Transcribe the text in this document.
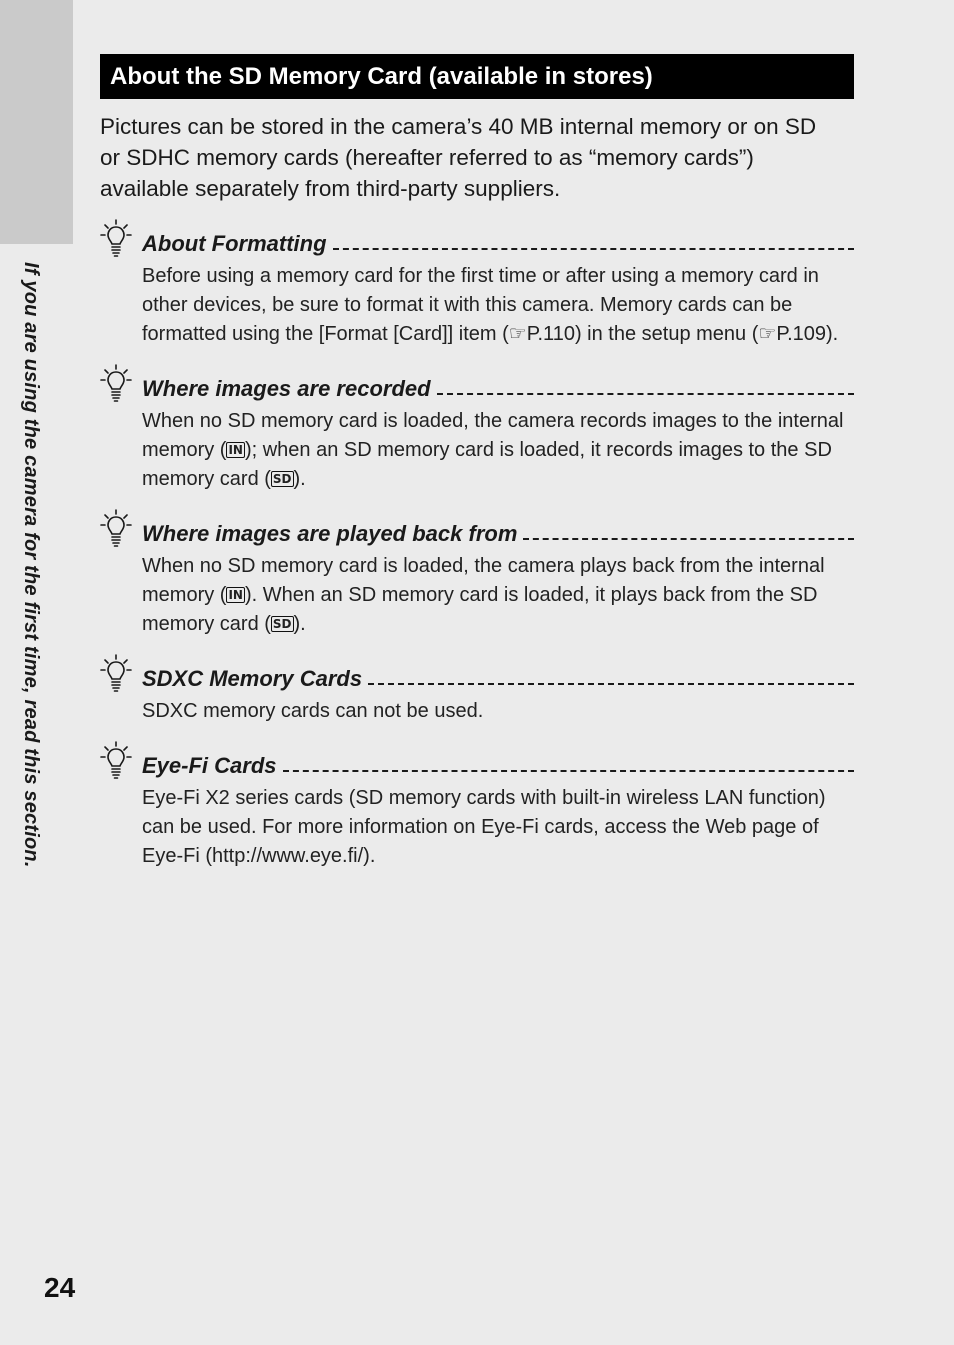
If you are using the camera for the first time, read this section.
About the SD Memory Card (available in stores)

Pictures can be stored in the camera’s 40 MB internal memory or on SD or SDHC memory cards (hereafter referred to as “memory cards”) available separately from third-party suppliers.

About Formatting
Before using a memory card for the first time or after using a memory card in other devices, be sure to format it with this camera. Memory cards can be formatted using the [Format [Card]] item (☞P.110) in the setup menu (☞P.109).
Where images are recorded
When no SD memory card is loaded, the camera records images to the internal memory ( IN ); when an SD memory card is loaded, it records images to the SD memory card ( SD ).
Where images are played back from
When no SD memory card is loaded, the camera plays back from the internal memory ( IN ). When an SD memory card is loaded, it plays back from the SD memory card ( SD ).
SDXC Memory Cards
SDXC memory cards can not be used.
Eye-Fi Cards
Eye-Fi X2 series cards (SD memory cards with built-in wireless LAN function) can be used. For more information on Eye-Fi cards, access the Web page of Eye-Fi (http://www.eye.fi/).
24
